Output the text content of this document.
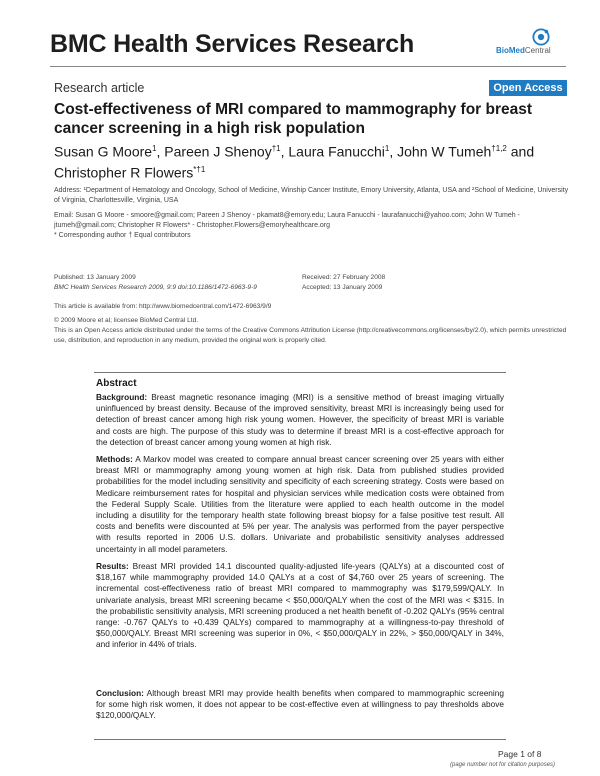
BMC Health Services Research	BioMedCentral
Research article	Open Access
Cost-effectiveness of MRI compared to mammography for breast cancer screening in a high risk population
Susan G Moore$^1$, Pareen J Shenoy$^{\dagger 1}$, Laura Fanucchi$^1$, John W Tumeh$^{\dagger 1,2}$ and Christopher R Flowers$^{*\dagger 1}$
Address: ¹Department of Hematology and Oncology, School of Medicine, Winship Cancer Institute, Emory University, Atlanta, USA and ²School of Medicine, University of Virginia, Charlottesville, Virginia, USA
Email: Susan G Moore - smoore@gmail.com; Pareen J Shenoy - pkamat8@emory.edu; Laura Fanucchi - laurafanucchi@yahoo.com; John W Tumeh - jtumeh@gmail.com; Christopher R Flowers* - Christopher.Flowers@emoryhealthcare.org
* Corresponding author † Equal contributors
Published: 13 January 2009
BMC Health Services Research 2009, 9:9 doi:10.1186/1472-6963-9-9
Received: 27 February 2008
Accepted: 13 January 2009
This article is available from: http://www.biomedcentral.com/1472-6963/9/9
© 2009 Moore et al; licensee BioMed Central Ltd.
This is an Open Access article distributed under the terms of the Creative Commons Attribution License (http://creativecommons.org/licenses/by/2.0), which permits unrestricted use, distribution, and reproduction in any medium, provided the original work is properly cited.
Abstract
Background: Breast magnetic resonance imaging (MRI) is a sensitive method of breast imaging virtually uninfluenced by breast density. Because of the improved sensitivity, breast MRI is increasingly being used for detection of breast cancer among high risk young women. However, the specificity of breast MRI is variable and costs are high. The purpose of this study was to determine if breast MRI is a cost-effective approach for the detection of breast cancer among young women at high risk.
Methods: A Markov model was created to compare annual breast cancer screening over 25 years with either breast MRI or mammography among young women at high risk. Data from published studies provided probabilities for the model including sensitivity and specificity of each screening strategy. Costs were based on Medicare reimbursement rates for hospital and physician services while medication costs were obtained from the Federal Supply Scale. Utilities from the literature were applied to each health outcome in the model including a disutility for the temporary health state following breast biopsy for a false positive test result. All costs and benefits were discounted at 5% per year. The analysis was performed from the payer perspective with results reported in 2006 U.S. dollars. Univariate and probabilistic sensitivity analyses addressed uncertainty in all model parameters.
Results: Breast MRI provided 14.1 discounted quality-adjusted life-years (QALYs) at a discounted cost of $18,167 while mammography provided 14.0 QALYs at a cost of $4,760 over 25 years of screening. The incremental cost-effectiveness ratio of breast MRI compared to mammography was $179,599/QALY. In univariate analysis, breast MRI screening became < $50,000/QALY when the cost of the MRI was < $315. In the probabilistic sensitivity analysis, MRI screening produced a net health benefit of -0.202 QALYs (95% central range: -0.767 QALYs to +0.439 QALYs) compared to mammography at a willingness-to-pay threshold of $50,000/QALY. Breast MRI screening was superior in 0%, < $50,000/QALY in 22%, > $50,000/QALY in 34%, and inferior in 44% of trials.
Conclusion: Although breast MRI may provide health benefits when compared to mammographic screening for some high risk women, it does not appear to be cost-effective even at willingness to pay thresholds above $120,000/QALY.
Page 1 of 8
(page number not for citation purposes)
